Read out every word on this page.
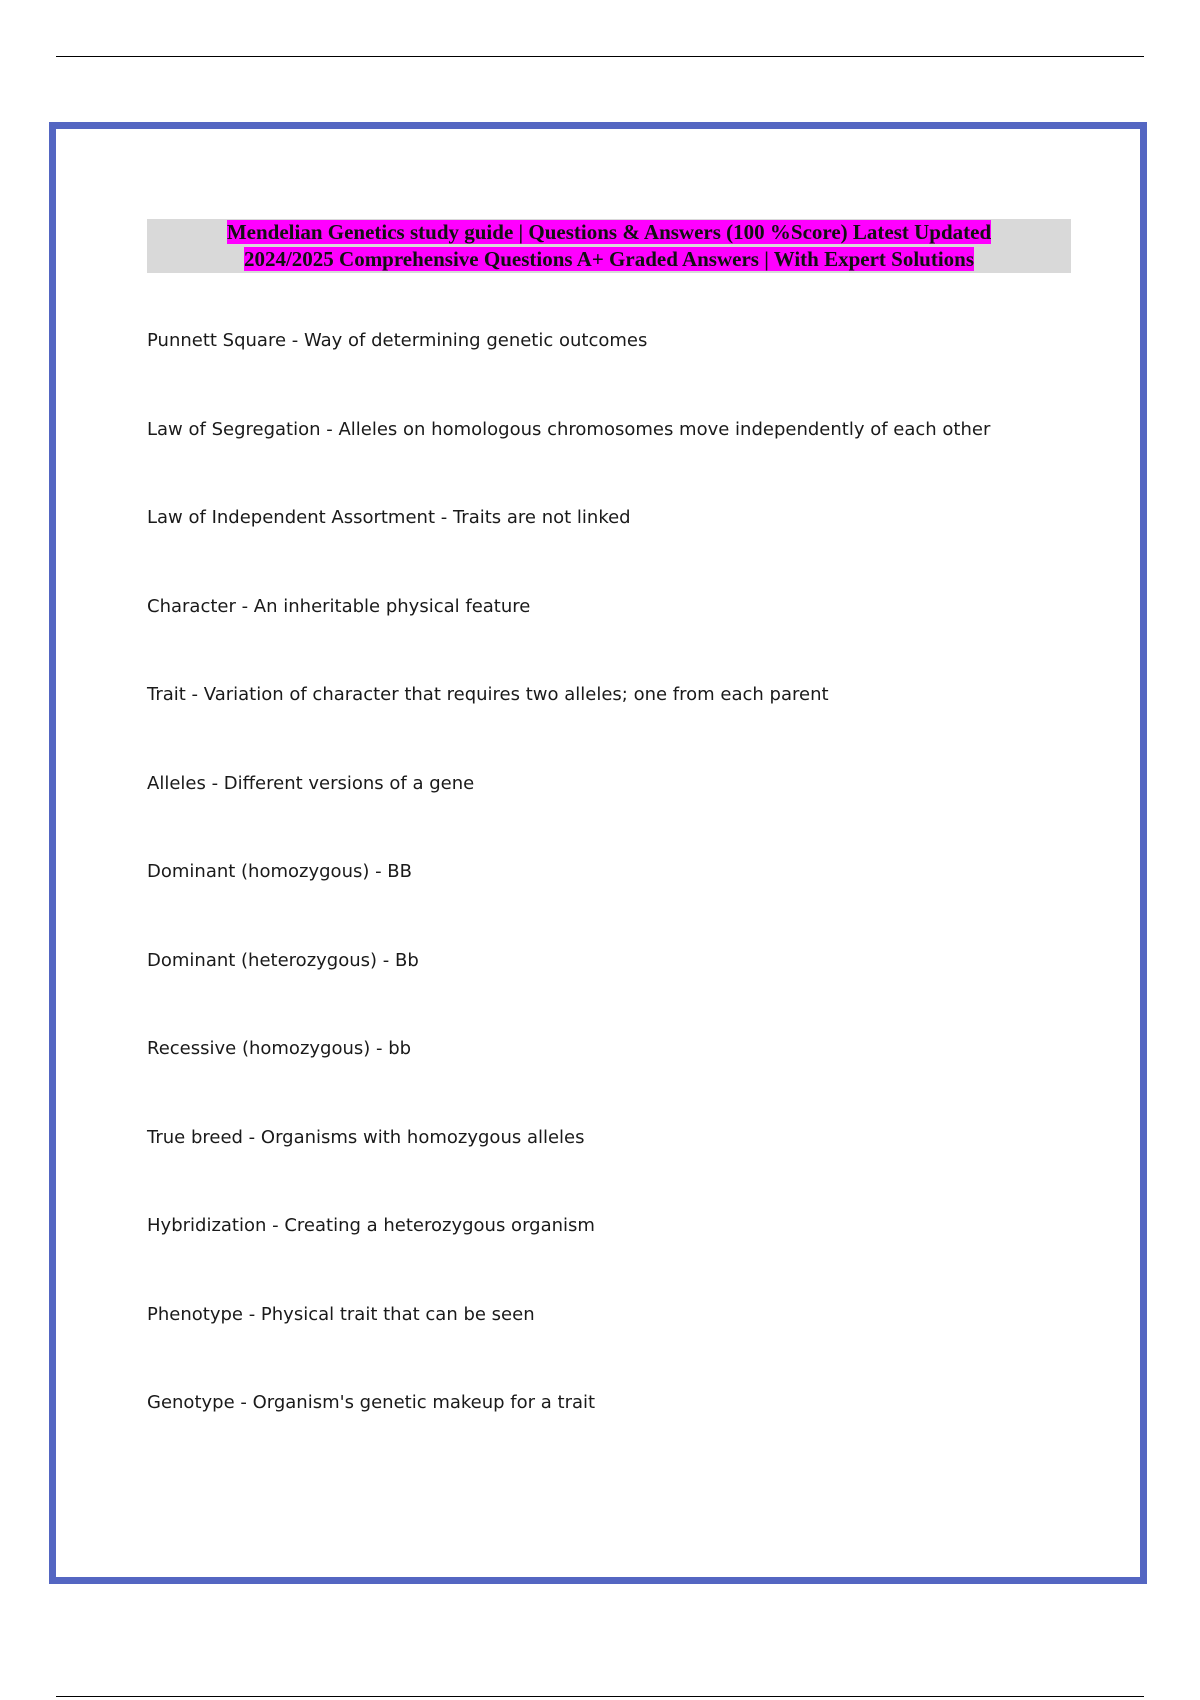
Mendelian Genetics study guide | Questions & Answers (100 %Score) Latest Updated
2024/2025 Comprehensive Questions A+ Graded Answers | With Expert Solutions
Punnett Square - Way of determining genetic outcomes
Law of Segregation - Alleles on homologous chromosomes move independently of each other
Law of Independent Assortment - Traits are not linked
Character - An inheritable physical feature
Trait - Variation of character that requires two alleles; one from each parent
Alleles - Different versions of a gene
Dominant (homozygous) - BB
Dominant (heterozygous) - Bb
Recessive (homozygous) - bb
True breed - Organisms with homozygous alleles
Hybridization - Creating a heterozygous organism
Phenotype - Physical trait that can be seen
Genotype - Organism's genetic makeup for a trait
